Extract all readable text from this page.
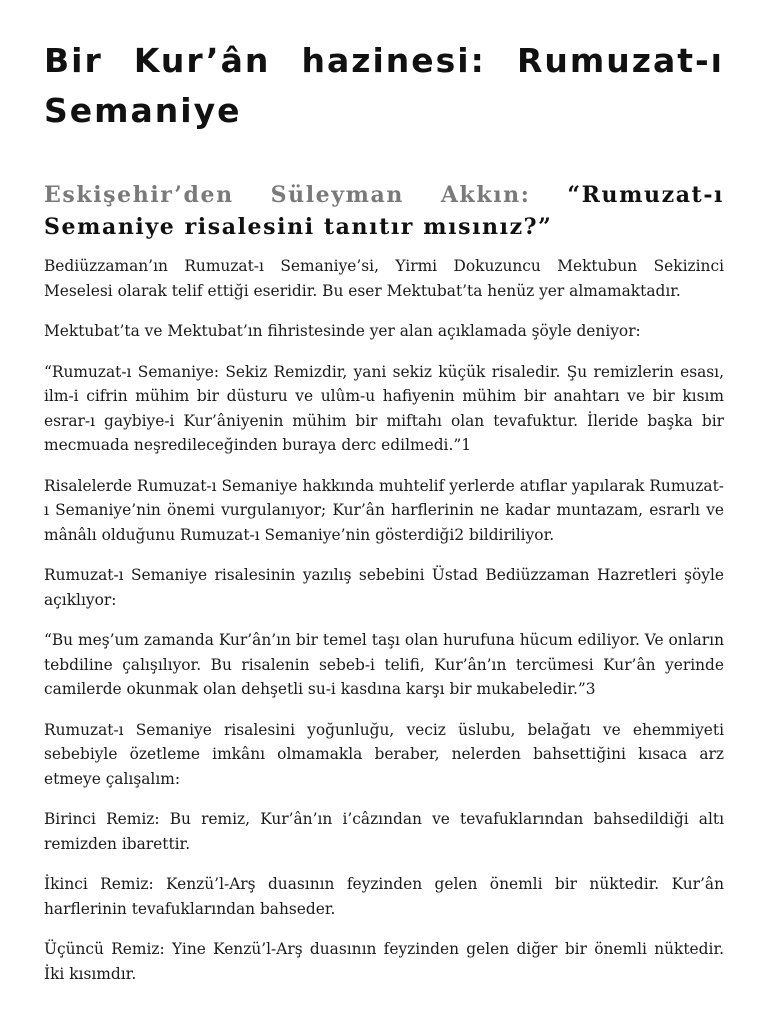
Bir Kur’ân hazinesi: Rumuzat-ı Semaniye
Eskişehir’den Süleyman Akkın: “Rumuzat-ı Semaniye risalesini tanıtır mısınız?”

Bediüzzaman’ın Rumuzat-ı Semaniye’si, Yirmi Dokuzuncu Mektubun Sekizinci Meselesi olarak telif ettiği eseridir. Bu eser Mektubat’ta henüz yer almamaktadır.

Mektubat’ta ve Mektubat’ın fihristesinde yer alan açıklamada şöyle deniyor:

“Rumuzat-ı Semaniye: Sekiz Remizdir, yani sekiz küçük risaledir. Şu remizlerin esası, ilm-i cifrin mühim bir düsturu ve ulûm-u hafiyenin mühim bir anahtarı ve bir kısım esrar-ı gaybiye-i Kur’âniyenin mühim bir miftahı olan tevafuktur. İleride başka bir mecmuada neşredileceğinden buraya derc edilmedi.”1

Risalelerde Rumuzat-ı Semaniye hakkında muhtelif yerlerde atıflar yapılarak Rumuzat-ı Semaniye’nin önemi vurgulanıyor; Kur’ân harflerinin ne kadar muntazam, esrarlı ve mânâlı olduğunu Rumuzat-ı Semaniye’nin gösterdiği2 bildiriliyor.

Rumuzat-ı Semaniye risalesinin yazılış sebebini Üstad Bediüzzaman Hazretleri şöyle açıklıyor:

“Bu meş’um zamanda Kur’ân’ın bir temel taşı olan hurufuna hücum ediliyor. Ve onların tebdiline çalışılıyor. Bu risalenin sebeb-i telifi, Kur’ân’ın tercümesi Kur’ân yerinde camilerde okunmak olan dehşetli su-i kasdına karşı bir mukabeledir.”3

Rumuzat-ı Semaniye risalesini yoğunluğu, veciz üslubu, belağatı ve ehemmiyeti sebebiyle özetleme imkânı olmamakla beraber, nelerden bahsettiğini kısaca arz etmeye çalışalım:

Birinci Remiz: Bu remiz, Kur’ân’ın i’câzından ve tevafuklarından bahsedildiği altı remizden ibarettir.

İkinci Remiz: Kenzü’l-Arş duasının feyzinden gelen önemli bir nüktedir. Kur’ân harflerinin tevafuklarından bahseder.

Üçüncü Remiz: Yine Kenzü’l-Arş duasının feyzinden gelen diğer bir önemli nüktedir. İki kısımdır.
